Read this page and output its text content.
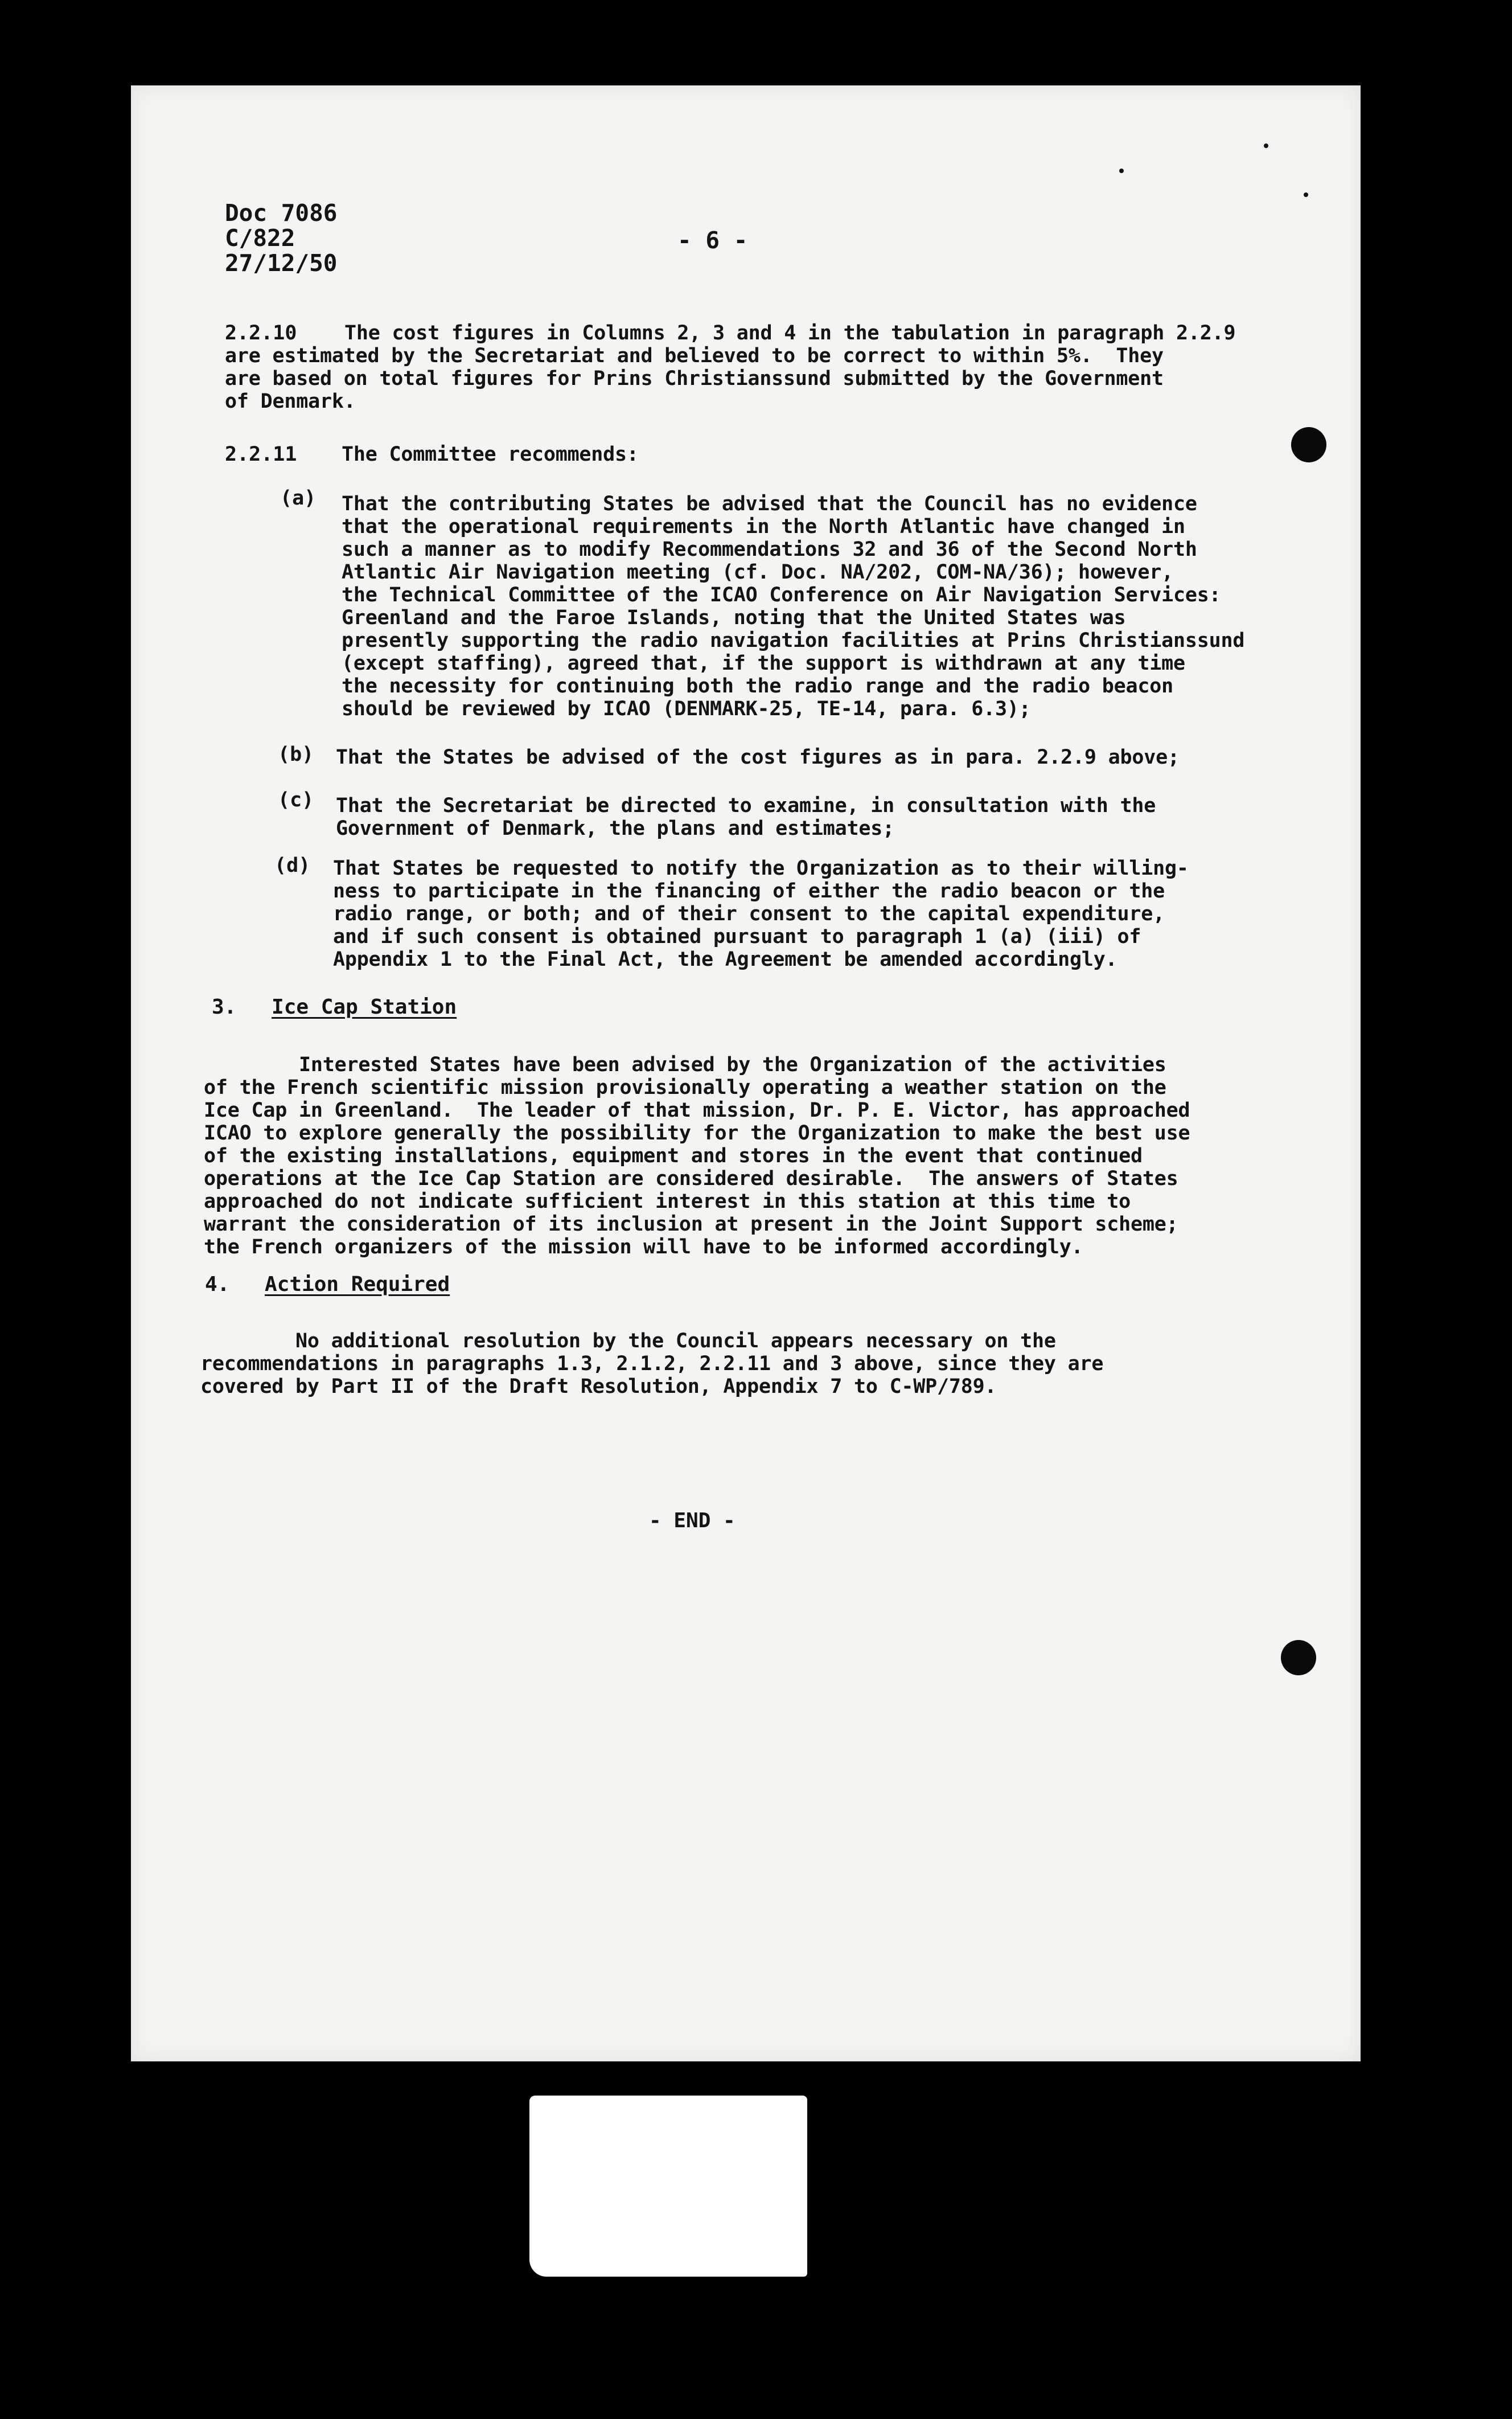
Doc 7086
C/822
27/12/50
- 6 -
2.2.10	The cost figures in Columns 2, 3 and 4 in the tabulation in paragraph 2.2.9
are estimated by the Secretariat and believed to be correct to within 5%.  They
are based on total figures for Prins Christianssund submitted by the Government
of Denmark.
2.2.11 The Committee recommends:
(a) That the contributing States be advised that the Council has no evidence
that the operational requirements in the North Atlantic have changed in
such a manner as to modify Recommendations 32 and 36 of the Second North
Atlantic Air Navigation meeting (cf. Doc. NA/202, COM-NA/36); however,
the Technical Committee of the ICAO Conference on Air Navigation Services:
Greenland and the Faroe Islands, noting that the United States was
presently supporting the radio navigation facilities at Prins Christianssund
(except staffing), agreed that, if the support is withdrawn at any time
the necessity for continuing both the radio range and the radio beacon
should be reviewed by ICAO (DENMARK-25, TE-14, para. 6.3);
(b) That the States be advised of the cost figures as in para. 2.2.9 above;
(c) That the Secretariat be directed to examine, in consultation with the
Government of Denmark, the plans and estimates;
(d) That States be requested to notify the Organization as to their willing-
ness to participate in the financing of either the radio beacon or the
radio range, or both; and of their consent to the capital expenditure,
and if such consent is obtained pursuant to paragraph 1 (a) (iii) of
Appendix 1 to the Final Act, the Agreement be amended accordingly.
3. Ice Cap Station
Interested States have been advised by the Organization of the activities
of the French scientific mission provisionally operating a weather station on the
Ice Cap in Greenland.  The leader of that mission, Dr. P. E. Victor, has approached
ICAO to explore generally the possibility for the Organization to make the best use
of the existing installations, equipment and stores in the event that continued
operations at the Ice Cap Station are considered desirable.  The answers of States
approached do not indicate sufficient interest in this station at this time to
warrant the consideration of its inclusion at present in the Joint Support scheme;
the French organizers of the mission will have to be informed accordingly.
4. Action Required
No additional resolution by the Council appears necessary on the
recommendations in paragraphs 1.3, 2.1.2, 2.2.11 and 3 above, since they are
covered by Part II of the Draft Resolution, Appendix 7 to C-WP/789.
- END -
